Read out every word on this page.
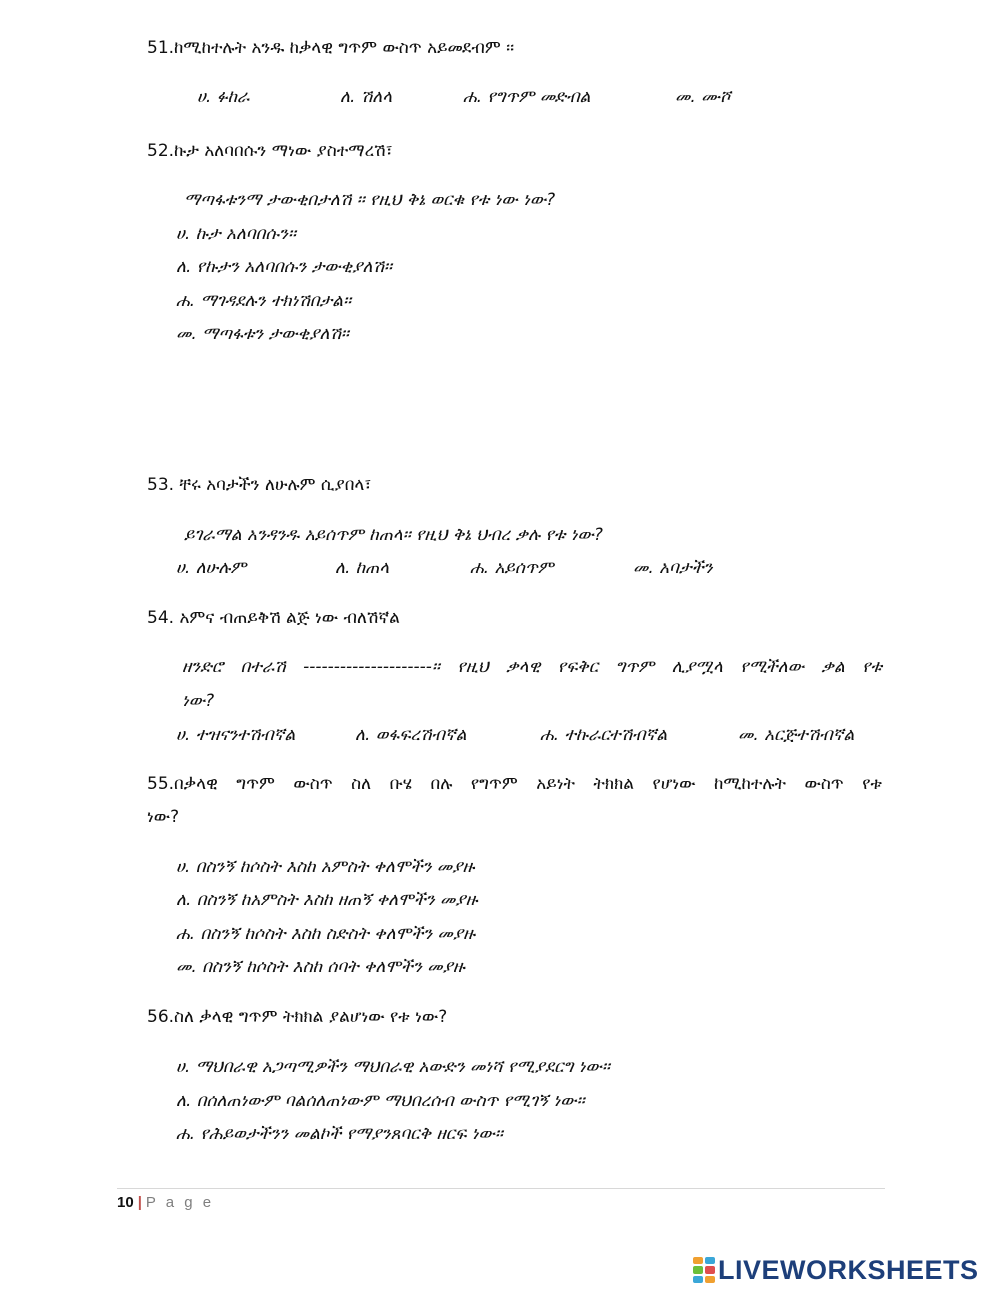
51.ከሚከተሉት አንዱ ከቃላዊ ግጥም ውስጥ አይመደብም ፡፡
ሀ. ፉከራ	ለ. ሽለላ	ሐ. የግጥም መድብል	መ. ሙሾ
52.ኩታ አለባበሱን ማነው ያስተማረሽ፣
ማጣፋቱንማ ታውቂበታለሽ ፡፡ የዚህ ቅኔ ወርቁ የቱ ነው ነው?
ሀ. ኩታ አለባበሱን፡፡
ለ. የኩታን አለባበሱን ታውቂያለሽ፡፡
ሐ. ማገዳደሉን ተክነሽበታል፡፡
መ. ማጣፋቱን ታውቂያለሽ፡፡
53. ቸሩ አባታችን ለሁሉም ሲያበላ፣
ይገራማል አንዳንዱ አይሰጥም ከጠላ፡፡ የዚህ ቅኔ ህብረ ቃሉ የቱ ነው?
ሀ. ለሁሉም	ለ. ከጠላ	ሐ. አይሰጥም	መ. አባታችን
54. አምና ብጠይቅሽ ልጅ ነው ብለሽኛል
ዘንድሮ በተራሽ ---------------------፡፡ የዚህ ቃላዊ የፍቅር ግጥም ሊያሟላ የሚችለው ቃል የቱ
ነው?
ሀ. ተዝናንተሽብኛል	ለ. ወፋፍረሽብኛል	ሐ. ተኩራርተሽብኛል	መ. አርጅተሽብኛል
55.በቃላዊ ግጥም ውስጥ ስለ ቡሄ በሉ የግጥም አይነት ትክክል የሆነው ከሚከተሉት ውስጥ የቱ
ነው?
ሀ. በስንኝ ከሶስት እስከ አምስት ቀለሞችን መያዙ
ለ. በስንኝ ከአምስት እስከ ዘጠኝ ቀለሞችን መያዙ
ሐ. በስንኝ ከሶስት እስከ ስድስት ቀለሞችን መያዙ
መ. በስንኝ ከሶስት እስከ ሰባት ቀለሞችን መያዙ
56.ስለ ቃላዊ ግጥም ትክክል ያልሆነው የቱ ነው?
ሀ. ማህበራዊ አጋጣሚዎችን ማህበራዊ አውድን መነሻ የሚያደርግ ነው፡፡
ለ. በሰለጠነውም ባልሰለጠነውም ማህበረሰብ ውስጥ የሚገኝ ነው፡፡
ሐ. የሕይወታችንን መልኮች የማያንጸባርቅ ዘርፍ ነው፡፡
10 | P a g e
LIVEWORKSHEETS
